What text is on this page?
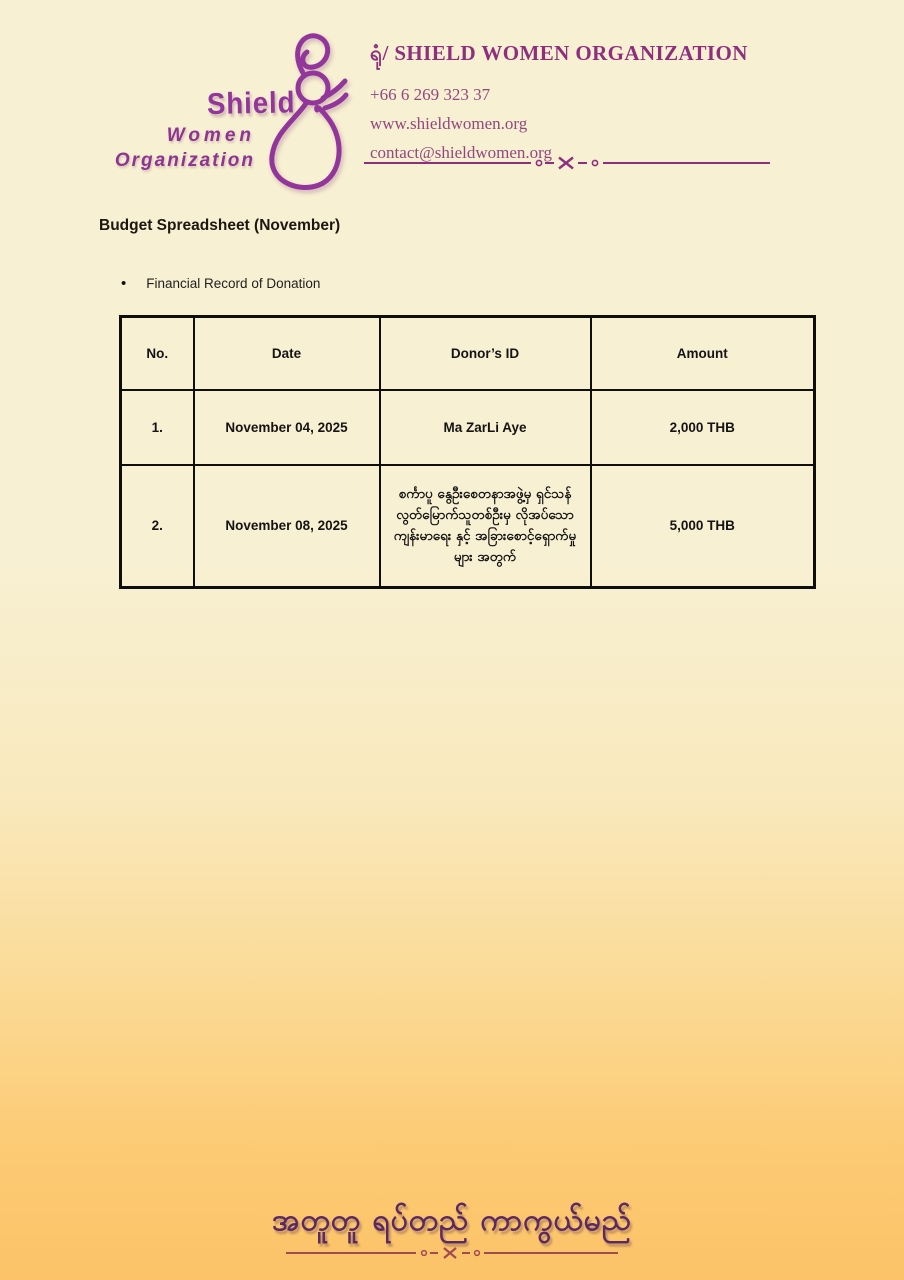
Shield
Women
Organization
ရုံ/ SHIELD WOMEN ORGANIZATION
+66 6 269 323 37
www.shieldwomen.org
contact@shieldwomen.org
Budget Spreadsheet (November)
• Financial Record of Donation
No.	Date	Donor’s ID	Amount
1.	November 04, 2025	Ma ZarLi Aye	2,000 THB
2.	November 08, 2025	စင်္ကာပူ နွေဦးစေတနာအဖွဲ့မှ ရှင်သန်လွတ်မြောက်သူတစ်ဦးမှ လိုအပ်သော ကျန်းမာရေး နှင့် အခြားစောင့်ရှောက်မှုများ အတွက်	5,000 THB
အတူတူ ရပ်တည် ကာကွယ်မည်
